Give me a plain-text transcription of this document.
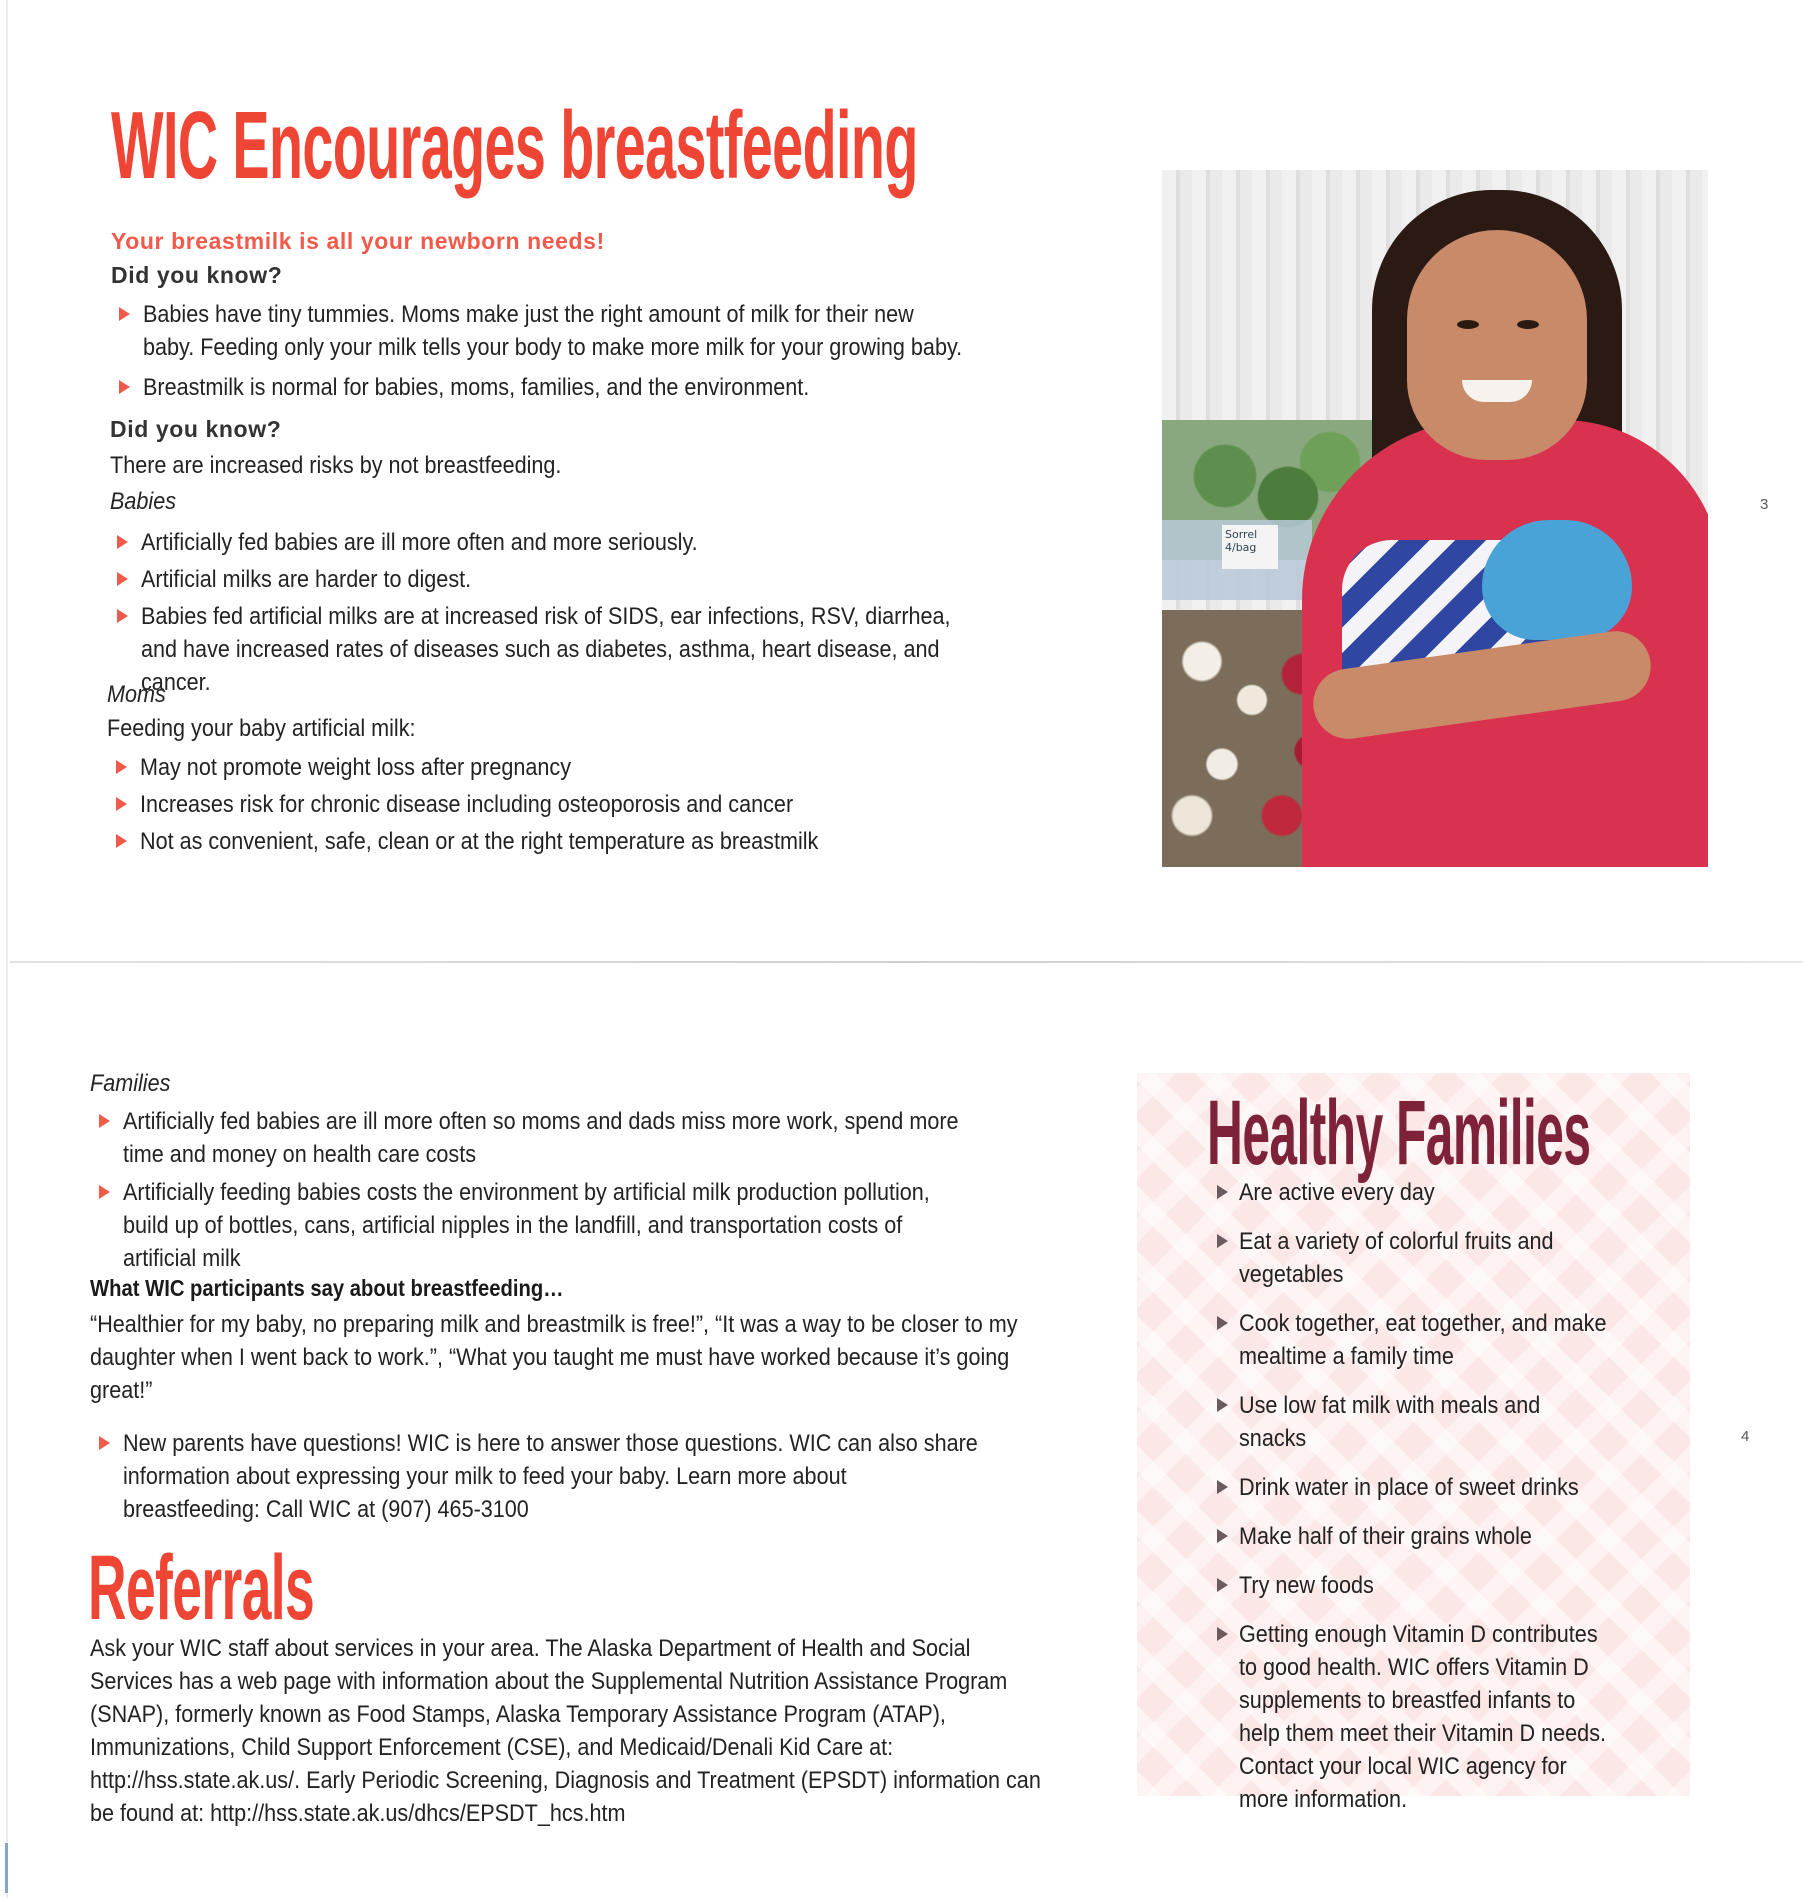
WIC Encourages breastfeeding
Your breastmilk is all your newborn needs!
Did you know?
Babies have tiny tummies. Moms make just the right amount of milk for their new baby. Feeding only your milk tells your body to make more milk for your growing baby.
Breastmilk is normal for babies, moms, families, and the environment.
Did you know?
There are increased risks by not breastfeeding.
Babies
Artificially fed babies are ill more often and more seriously.
Artificial milks are harder to digest.
Babies fed artificial milks are at increased risk of SIDS, ear infections, RSV, diarrhea, and have increased rates of diseases such as diabetes, asthma, heart disease, and cancer.
Moms
Feeding your baby artificial milk:
May not promote weight loss after pregnancy
Increases risk for chronic disease including osteoporosis and cancer
Not as convenient, safe, clean or at the right temperature as breastmilk
Sorrel 4/bag
3
Families
Artificially fed babies are ill more often so moms and dads miss more work, spend more time and money on health care costs
Artificially feeding babies costs the environment by artificial milk production pollution, build up of bottles, cans, artificial nipples in the landfill, and transportation costs of artificial milk
What WIC participants say about breastfeeding…
“Healthier for my baby, no preparing milk and breastmilk is free!”, “It was a way to be closer to my daughter when I went back to work.”, “What you taught me must have worked because it’s going great!”
New parents have questions! WIC is here to answer those questions. WIC can also share information about expressing your milk to feed your baby. Learn more about breastfeeding: Call WIC at (907) 465-3100
Referrals
Ask your WIC staff about services in your area. The Alaska Department of Health and Social Services has a web page with information about the Supplemental Nutrition Assistance Program (SNAP), formerly known as Food Stamps, Alaska Temporary Assistance Program (ATAP), Immunizations, Child Support Enforcement (CSE), and Medicaid/Denali Kid Care at: http://hss.state.ak.us/. Early Periodic Screening, Diagnosis and Treatment (EPSDT) information can be found at: http://hss.state.ak.us/dhcs/EPSDT_hcs.htm
4
Healthy Families
Are active every day
Eat a variety of colorful fruits and vegetables
Cook together, eat together, and make mealtime a family time
Use low fat milk with meals and snacks
Drink water in place of sweet drinks
Make half of their grains whole
Try new foods
Getting enough Vitamin D contributes to good health. WIC offers Vitamin D supplements to breastfed infants to help them meet their Vitamin D needs. Contact your local WIC agency for more information.
